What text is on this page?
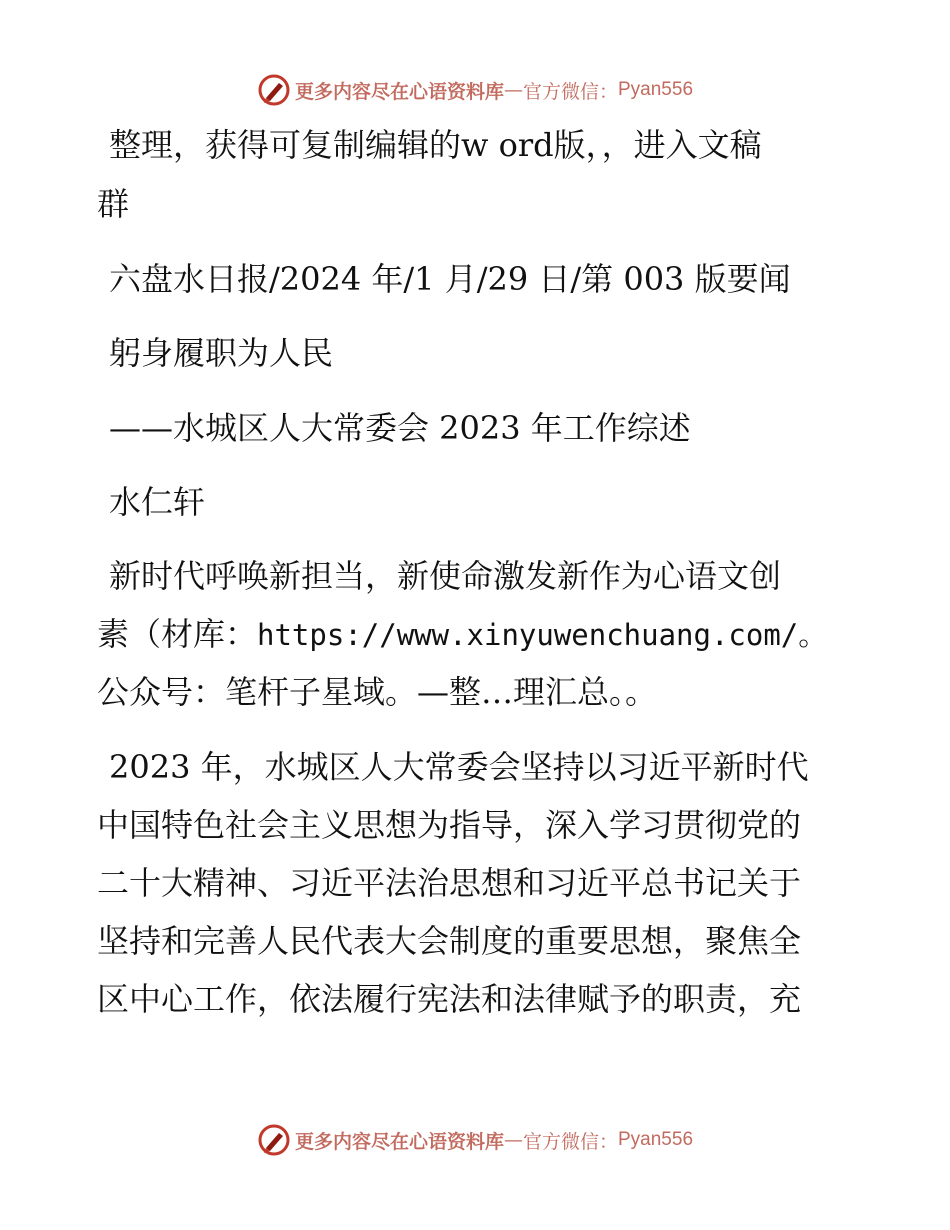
更多内容尽在心语资料库 — 官方微信： Pyan556
整理，获得可复制编辑的w ord版，，进入文稿
群
六盘水日报/2024 年/1 月/29 日/第 003 版要闻
躬身履职为人民
——水城区人大常委会 2023 年工作综述
水仁轩
新时代呼唤新担当，新使命激发新作为心语文创
素（材库：https://www.xinyuwenchuang.com/。
公众号：笔杆子星域。—整…理汇总。。
2023 年，水城区人大常委会坚持以习近平新时代
中国特色社会主义思想为指导，深入学习贯彻党的
二十大精神、习近平法治思想和习近平总书记关于
坚持和完善人民代表大会制度的重要思想，聚焦全
区中心工作，依法履行宪法和法律赋予的职责，充
更多内容尽在心语资料库 — 官方微信： Pyan556
